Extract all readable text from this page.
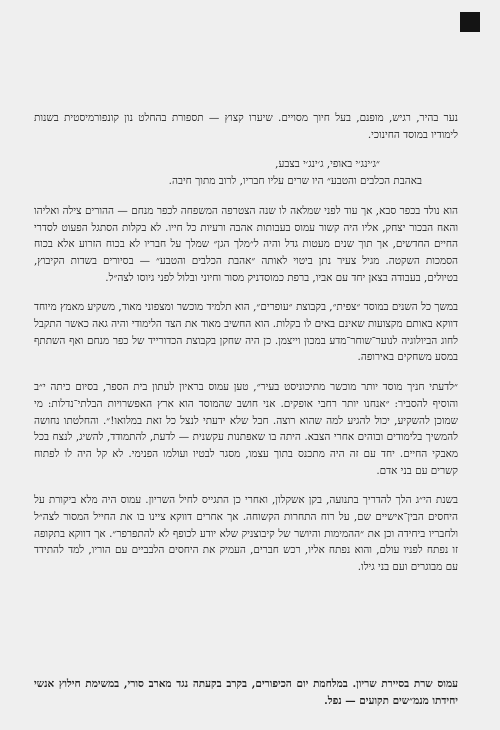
נער בהיר, רגיש, מופנם, בעל חיוך מסויים. שיערו קצוץ — תספורת בהחלט נון קונפורמיסטית בשנות לימודיו במוסד החינוכי.

״ג׳ינג׳י באופי, ג׳ינג׳י בצבע,

באהבת הכלבים והטבע״ היו שרים עליו חבריו, לרוב מתוך חיבה.

הוא נולד בכפר סבא, אך עוד לפני שמלאה לו שנה הצטרפה המשפחה לכפר מנחם — ההורים צילה ואליהו והאח הבכור יצחק, אליו היה קשור עמוס בעבותות אהבה ורעיות כל חייו. לא בקלות הסתגל הפעוט לסדרי החיים החדשים, אך תוך שנים מעטות גדל והיה ל״מלך הגן״ שמלך על חבריו לא בכוח הזרוע אלא בכוח הסמכות השקטה. מגיל צעיר נתן ביטוי לאותה ״אהבת הכלבים והטבע״ — בסיורים בשדות הקיבוץ, בטיולים, בעבודה בצאן יחד עם אביו, ברפת כמוסדניק מסור וחיוני ובלול לפני גיוסו לצה״ל.

במשך כל השנים במוסד ״צפית״, בקבוצת ״עופרים״, הוא תלמיד מוכשר ומצפוני מאוד, משקיע מאמץ מיוחד דווקא באותם מקצועות שאינם באים לו בקלות. הוא החשיב מאוד את הצד הלימודי והיה גאה כאשר התקבל לחוג הביולוגיה לנוער־שוחר־מדע במכון וייצמן. כן היה שחקן בקבוצת הכדורייד של כפר מנחם ואף השתתף במסע משחקים באירופה.

״לדעתי חניך מוסד יותר מוכשר מתיכוניסט בעיר״, טען עמוס בראיון לעתון בית הספר, בסיום כיתה י״ב והוסיף להסביר: ״אנחנו יותר רחבי אופקים. אני חושב שהמוסד הוא ארץ האפשרויות הבלתי־נדלות: מי שמוכן להשקיע, יכול להגיע למה שהוא רוצה. חבל שלא ידעתי לנצל כל זאת במלואו!״. והחלטתו נחושה להמשיך בלימודים ובוהים אחרי הצבא. היתה בו שאפתנות עקשנית — לדעת, להתמודד, להשיג, לנצח בכל מאבקי החיים. יחד עם זה היה מתכנס בתוך עצמו, מסגר לבטיו ועולמו הפנימי. לא קל היה לו לפתוח קשרים עם בני אדם.

בשנת הי״ג הלך להדריך בתנועה, בקן אשקלון, ואחרי כן התגייס לחיל השריון. עמוס היה מלא ביקורת על היחסים הבין־אישיים שם, על רוח התחרות הקשוחה. אך אחרים דווקא ציינו בו את החייל המסור לצה״ל ולחבריו ביחידה וכן את ״ההמימות והיושר של קיבוצניק שלא יודע לכופף לא להתפרפר״. אך דווקא בתקופה זו נפתח לפניו עולם, והוא נפתח אליו, רכש חברים, העמיק את היחסים הלבביים עם הוריו, למד להתידד עם מבוגרים ועם בני גילו.

עמוס שרת בסיירת שריון. במלחמת יום הכיפורים, בקרב בקעתה נגד מארב סורי, במשימת חילוץ אנשי יחידתו מנמ״שים תקועים — נפל.
